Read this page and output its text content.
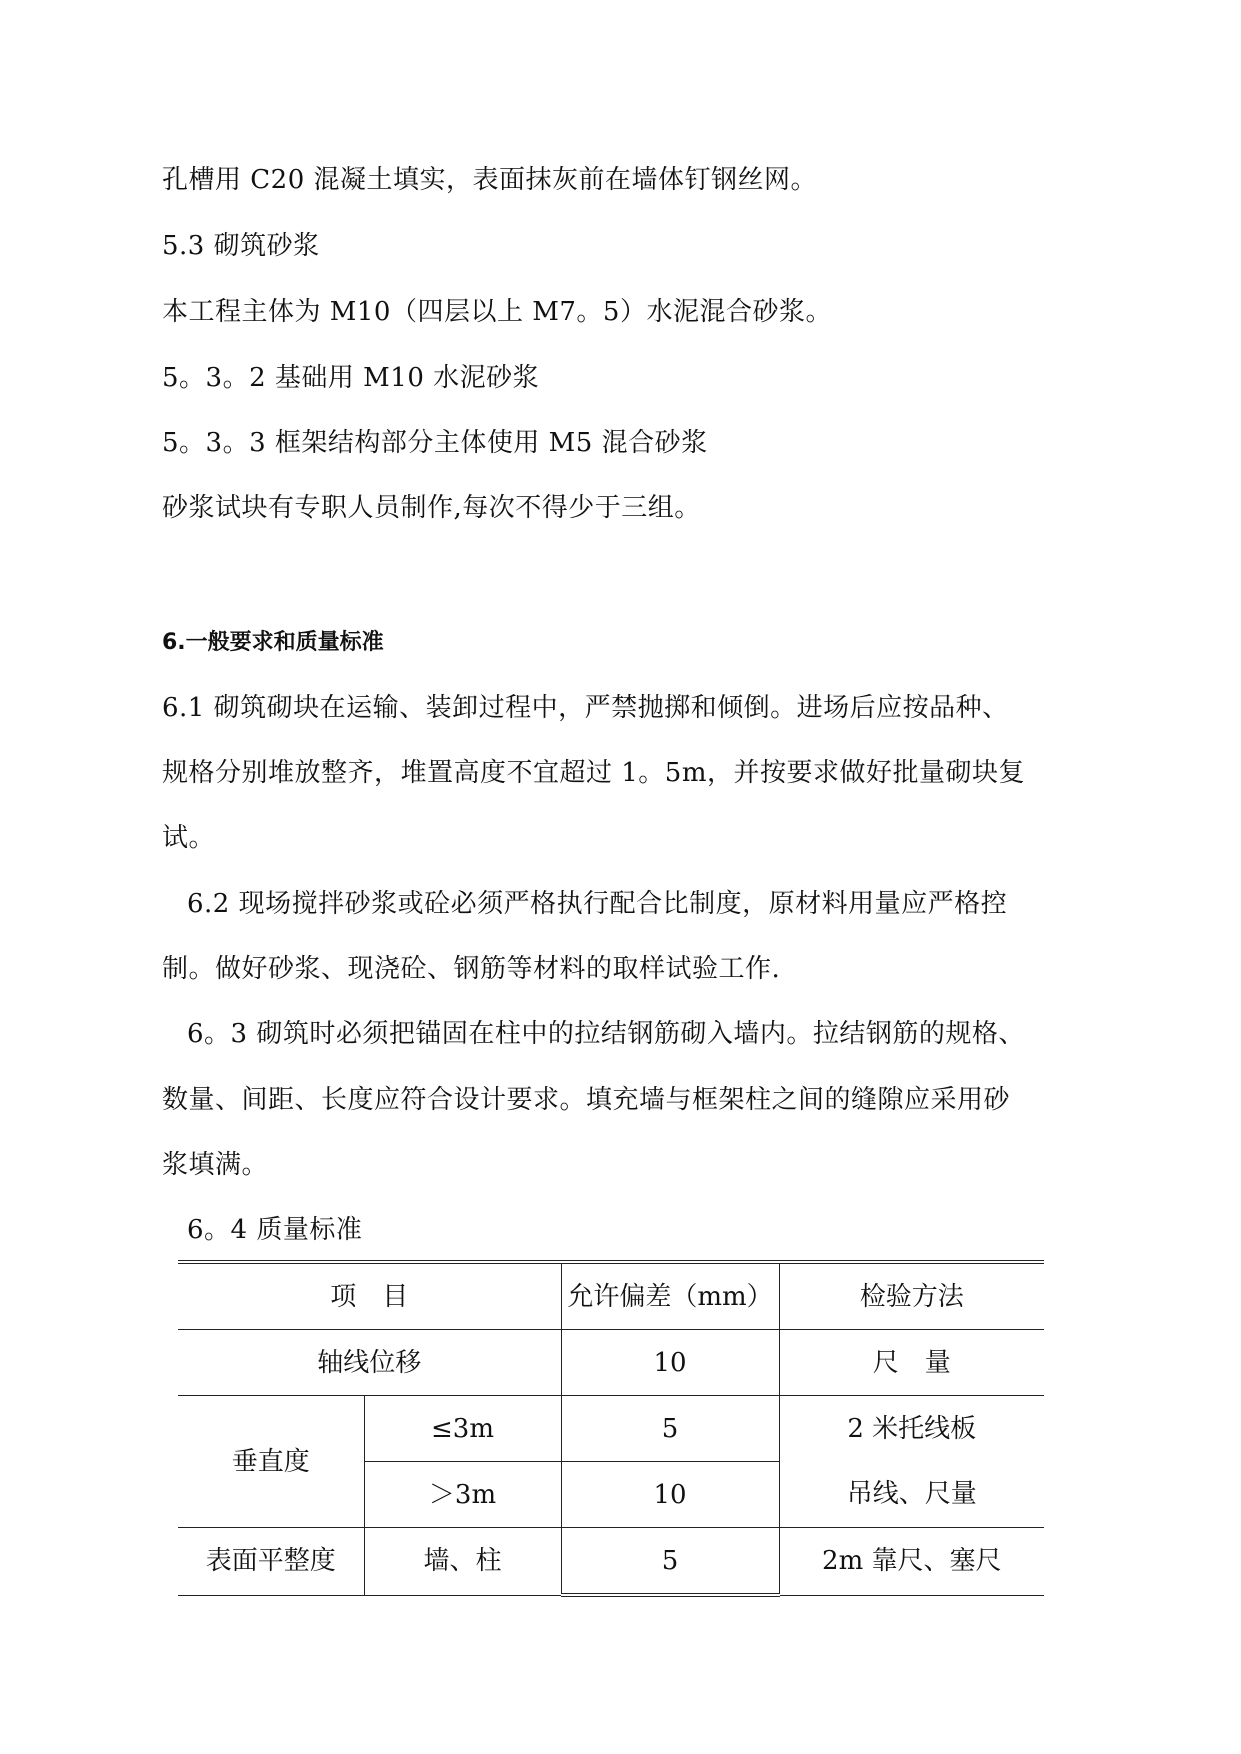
孔槽用 C20 混凝土填实，表面抹灰前在墙体钉钢丝网。
5.3 砌筑砂浆
本工程主体为 M10（四层以上 M7。5）水泥混合砂浆。
5。3。2 基础用 M10 水泥砂浆
5。3。3 框架结构部分主体使用 M5 混合砂浆
砂浆试块有专职人员制作,每次不得少于三组。
6.一般要求和质量标准
6.1 砌筑砌块在运输、装卸过程中，严禁抛掷和倾倒。进场后应按品种、
规格分别堆放整齐，堆置高度不宜超过 1。5m，并按要求做好批量砌块复
试。
6.2 现场搅拌砂浆或砼必须严格执行配合比制度，原材料用量应严格控
制。做好砂浆、现浇砼、钢筋等材料的取样试验工作.
6。3 砌筑时必须把锚固在柱中的拉结钢筋砌入墙内。拉结钢筋的规格、
数量、间距、长度应符合设计要求。填充墙与框架柱之间的缝隙应采用砂
浆填满。
6。4 质量标准
项　目		允许偏差（mm）	检验方法
轴线位移		10	尺　量
垂直度	≤3m	5	2 米托线板
	＞3m	10	吊线、尺量
表面平整度	墙、柱	5	2m 靠尺、塞尺
